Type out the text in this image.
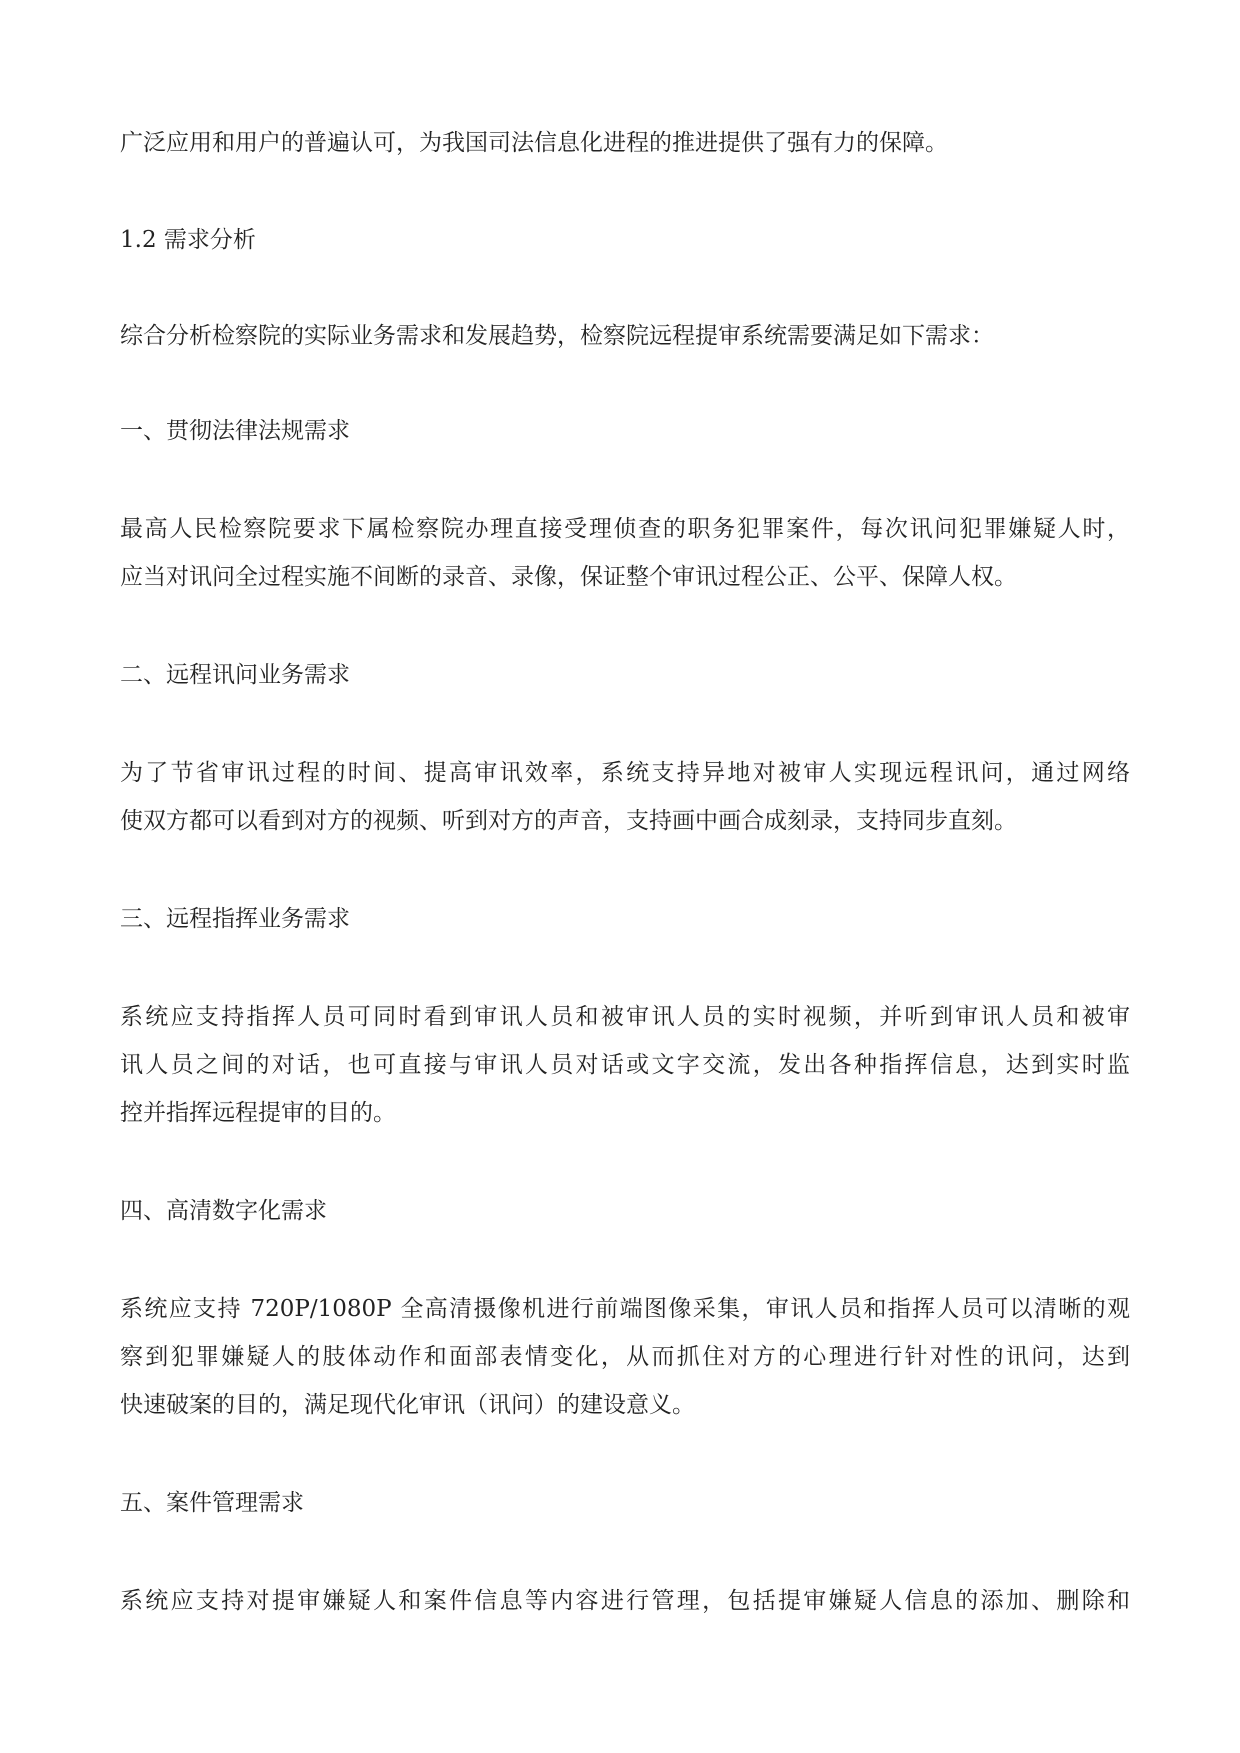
广泛应用和用户的普遍认可，为我国司法信息化进程的推进提供了强有力的保障。
1.2 需求分析
综合分析检察院的实际业务需求和发展趋势，检察院远程提审系统需要满足如下需求：
一、贯彻法律法规需求
最高人民检察院要求下属检察院办理直接受理侦查的职务犯罪案件，每次讯问犯罪嫌疑人时，
应当对讯问全过程实施不间断的录音、录像，保证整个审讯过程公正、公平、保障人权。
二、远程讯问业务需求
为了节省审讯过程的时间、提高审讯效率，系统支持异地对被审人实现远程讯问，通过网络
使双方都可以看到对方的视频、听到对方的声音，支持画中画合成刻录，支持同步直刻。
三、远程指挥业务需求
系统应支持指挥人员可同时看到审讯人员和被审讯人员的实时视频，并听到审讯人员和被审
讯人员之间的对话，也可直接与审讯人员对话或文字交流，发出各种指挥信息，达到实时监
控并指挥远程提审的目的。
四、高清数字化需求
系统应支持 720P/1080P 全高清摄像机进行前端图像采集，审讯人员和指挥人员可以清晰的观
察到犯罪嫌疑人的肢体动作和面部表情变化，从而抓住对方的心理进行针对性的讯问，达到
快速破案的目的，满足现代化审讯（讯问）的建设意义。
五、案件管理需求
系统应支持对提审嫌疑人和案件信息等内容进行管理，包括提审嫌疑人信息的添加、删除和
